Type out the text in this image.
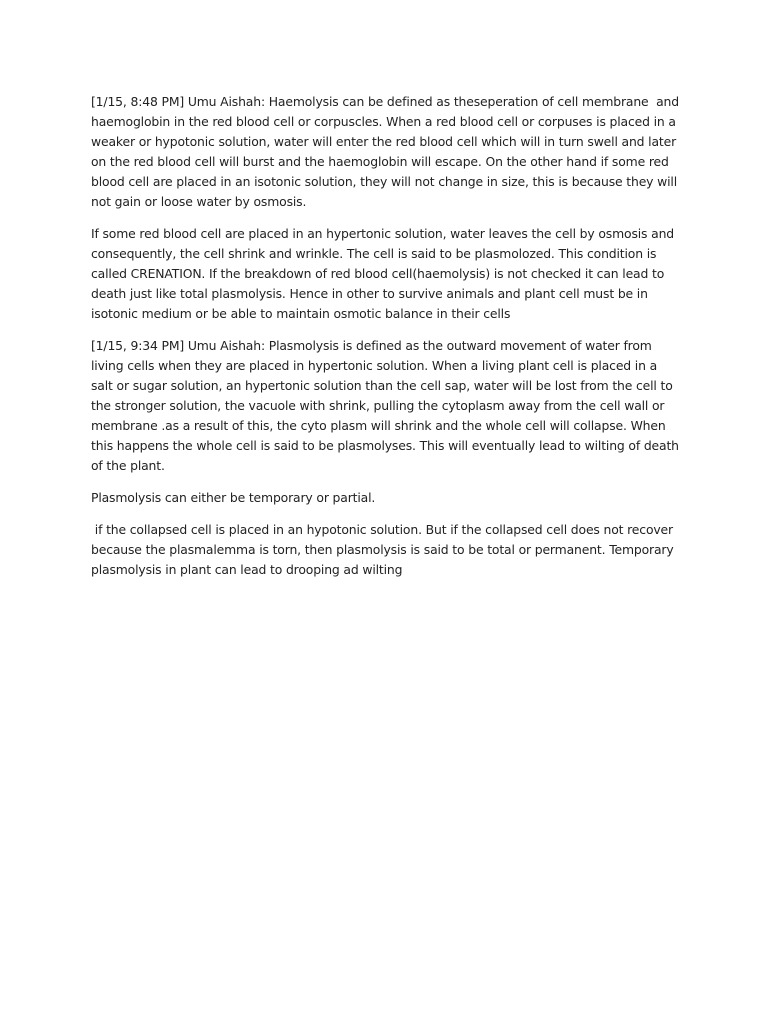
[1/15, 8:48 PM] Umu Aishah: Haemolysis can be defined as theseperation of cell membrane  and haemoglobin in the red blood cell or corpuscles. When a red blood cell or corpuses is placed in a weaker or hypotonic solution, water will enter the red blood cell which will in turn swell and later on the red blood cell will burst and the haemoglobin will escape. On the other hand if some red blood cell are placed in an isotonic solution, they will not change in size, this is because they will not gain or loose water by osmosis.

If some red blood cell are placed in an hypertonic solution, water leaves the cell by osmosis and consequently, the cell shrink and wrinkle. The cell is said to be plasmolozed. This condition is called CRENATION. If the breakdown of red blood cell(haemolysis) is not checked it can lead to death just like total plasmolysis. Hence in other to survive animals and plant cell must be in isotonic medium or be able to maintain osmotic balance in their cells

[1/15, 9:34 PM] Umu Aishah: Plasmolysis is defined as the outward movement of water from living cells when they are placed in hypertonic solution. When a living plant cell is placed in a salt or sugar solution, an hypertonic solution than the cell sap, water will be lost from the cell to the stronger solution, the vacuole with shrink, pulling the cytoplasm away from the cell wall or membrane .as a result of this, the cyto plasm will shrink and the whole cell will collapse. When this happens the whole cell is said to be plasmolyses. This will eventually lead to wilting of death of the plant.

Plasmolysis can either be temporary or partial.

if the collapsed cell is placed in an hypotonic solution. But if the collapsed cell does not recover because the plasmalemma is torn, then plasmolysis is said to be total or permanent. Temporary plasmolysis in plant can lead to drooping ad wilting
